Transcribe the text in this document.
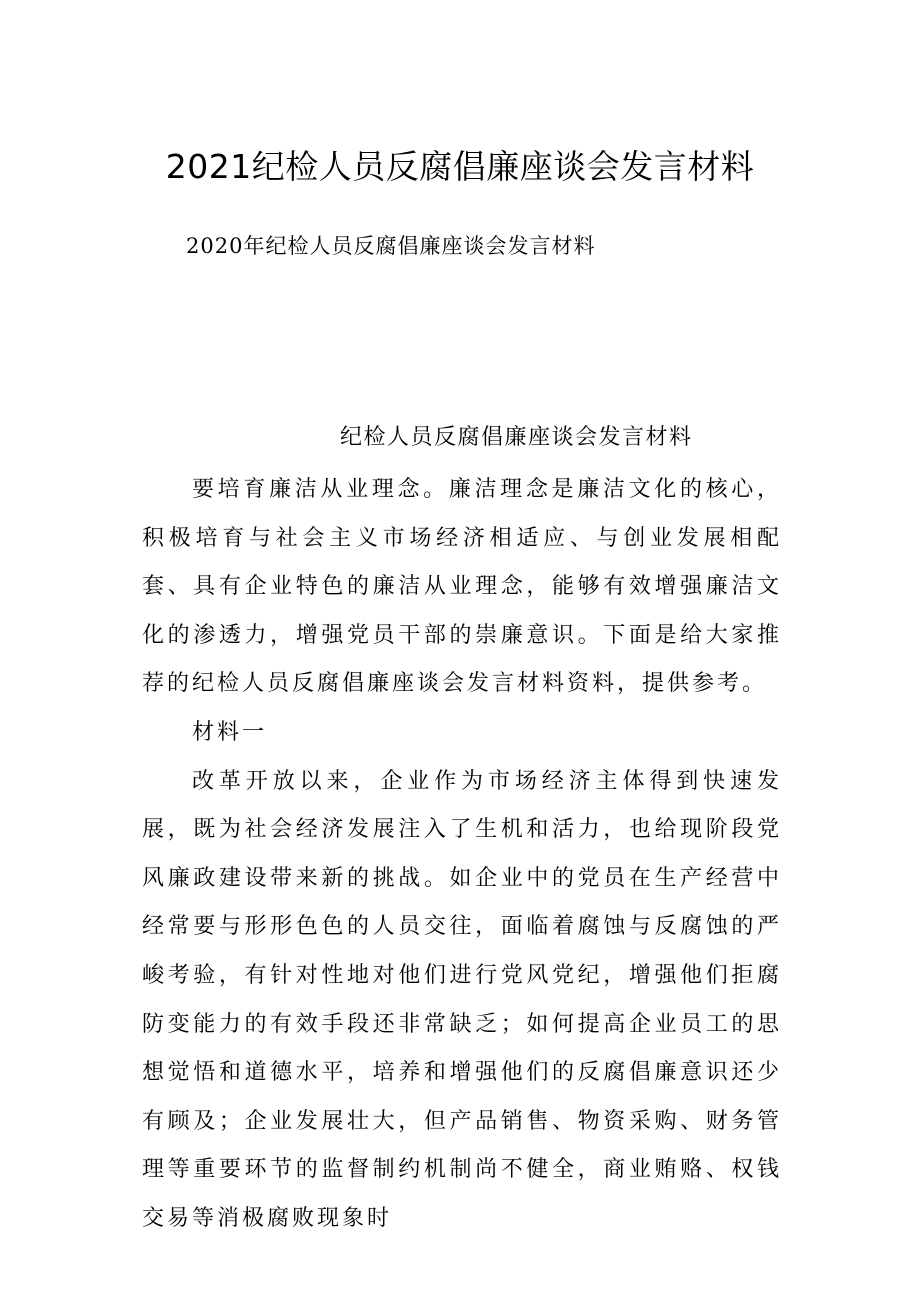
2021纪检人员反腐倡廉座谈会发言材料

2020年纪检人员反腐倡廉座谈会发言材料

纪检人员反腐倡廉座谈会发言材料

要培育廉洁从业理念。廉洁理念是廉洁文化的核心，积极培育与社会主义市场经济相适应、与创业发展相配套、具有企业特色的廉洁从业理念，能够有效增强廉洁文化的渗透力，增强党员干部的崇廉意识。下面是给大家推荐的纪检人员反腐倡廉座谈会发言材料资料，提供参考。

材料一

改革开放以来，企业作为市场经济主体得到快速发展，既为社会经济发展注入了生机和活力，也给现阶段党风廉政建设带来新的挑战。如企业中的党员在生产经营中经常要与形形色色的人员交往，面临着腐蚀与反腐蚀的严峻考验，有针对性地对他们进行党风党纪，增强他们拒腐防变能力的有效手段还非常缺乏；如何提高企业员工的思想觉悟和道德水平，培养和增强他们的反腐倡廉意识还少有顾及；企业发展壮大，但产品销售、物资采购、财务管理等重要环节的监督制约机制尚不健全，商业贿赂、权钱交易等消极腐败现象时
